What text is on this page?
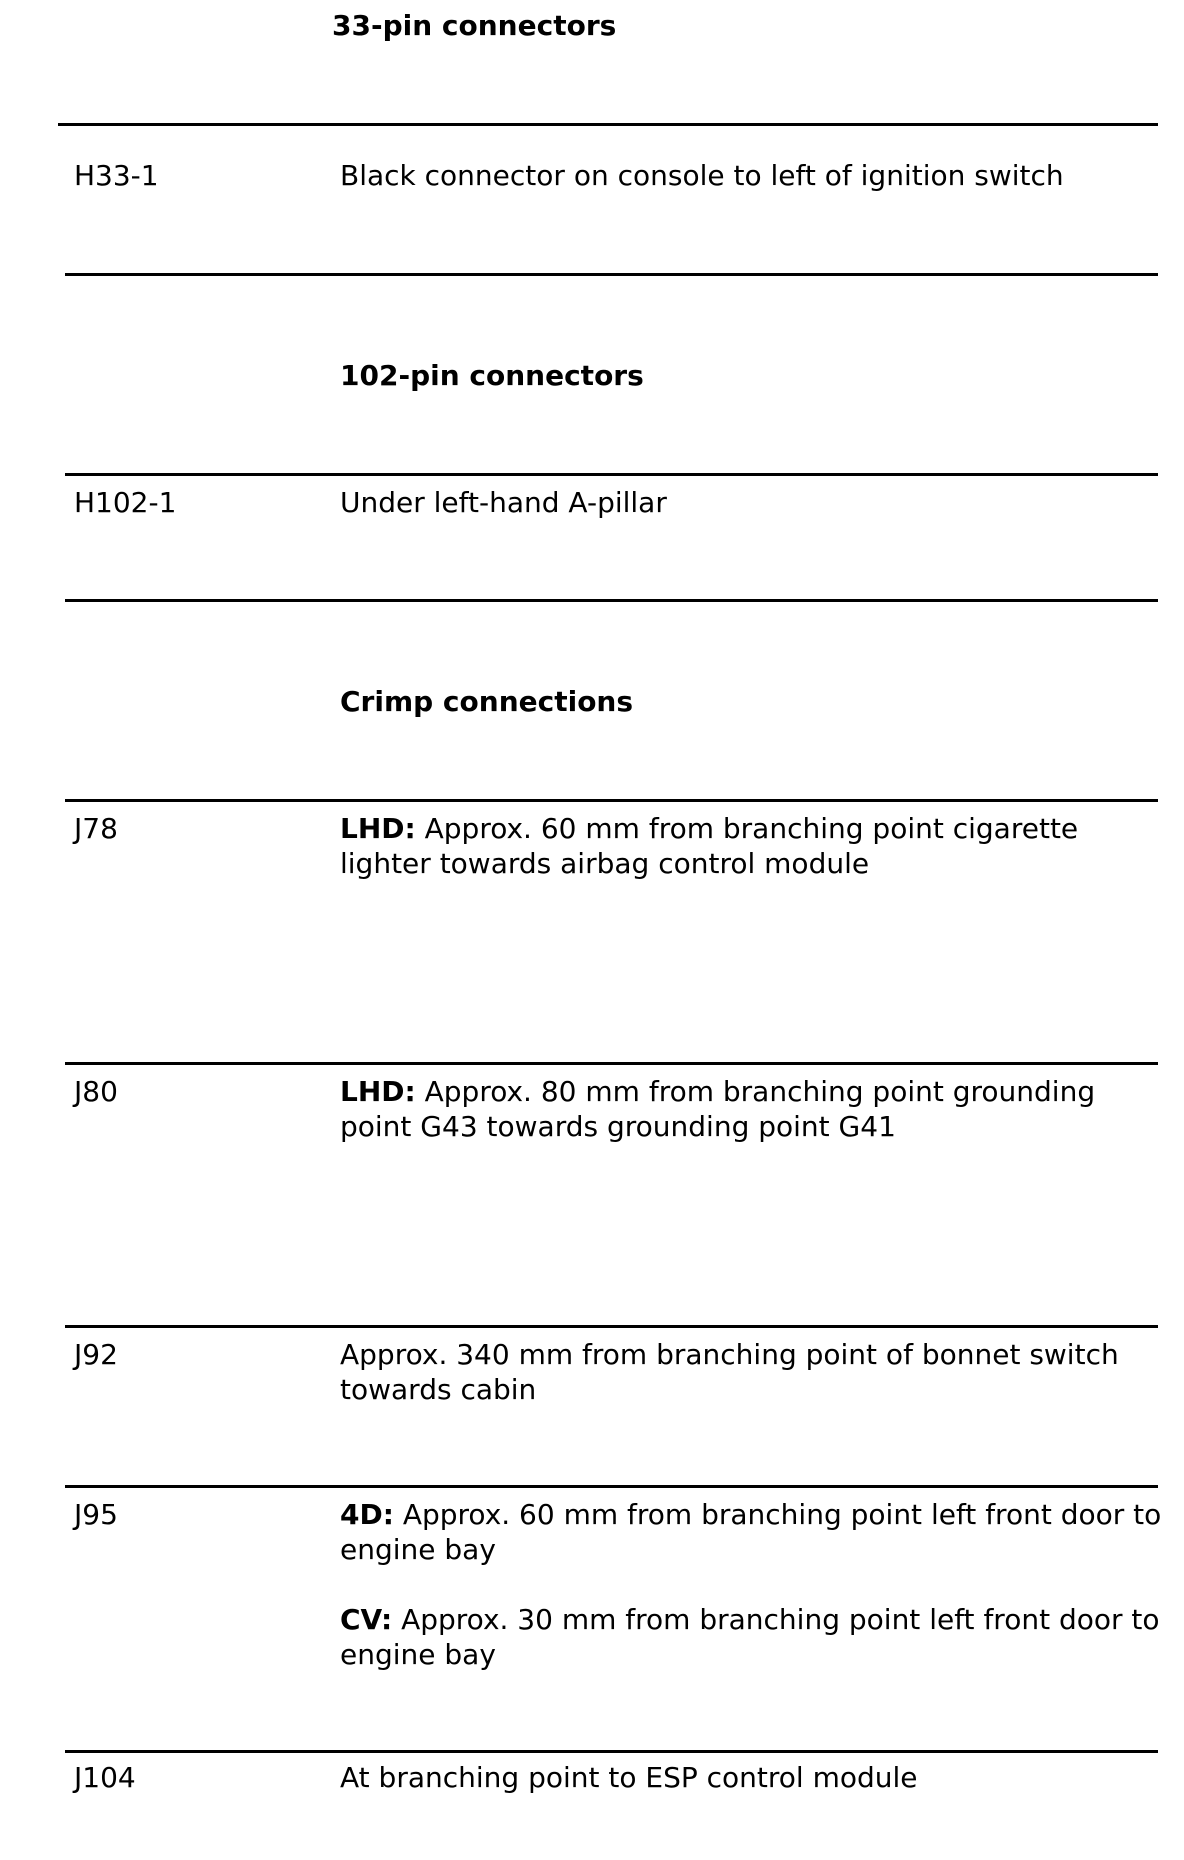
33-pin connectors
H33-1	Black connector on console to left of ignition switch

102-pin connectors
H102-1	Under left-hand A-pillar

Crimp connections
J78	LHD: Approx. 60 mm from branching point cigarette lighter towards airbag control module

J80	LHD: Approx. 80 mm from branching point grounding point G43 towards grounding point G41

J92	Approx. 340 mm from branching point of bonnet switch towards cabin

J95	4D: Approx. 60 mm from branching point left front door to engine bay

CV: Approx. 30 mm from branching point left front door to engine bay

J104	At branching point to ESP control module
